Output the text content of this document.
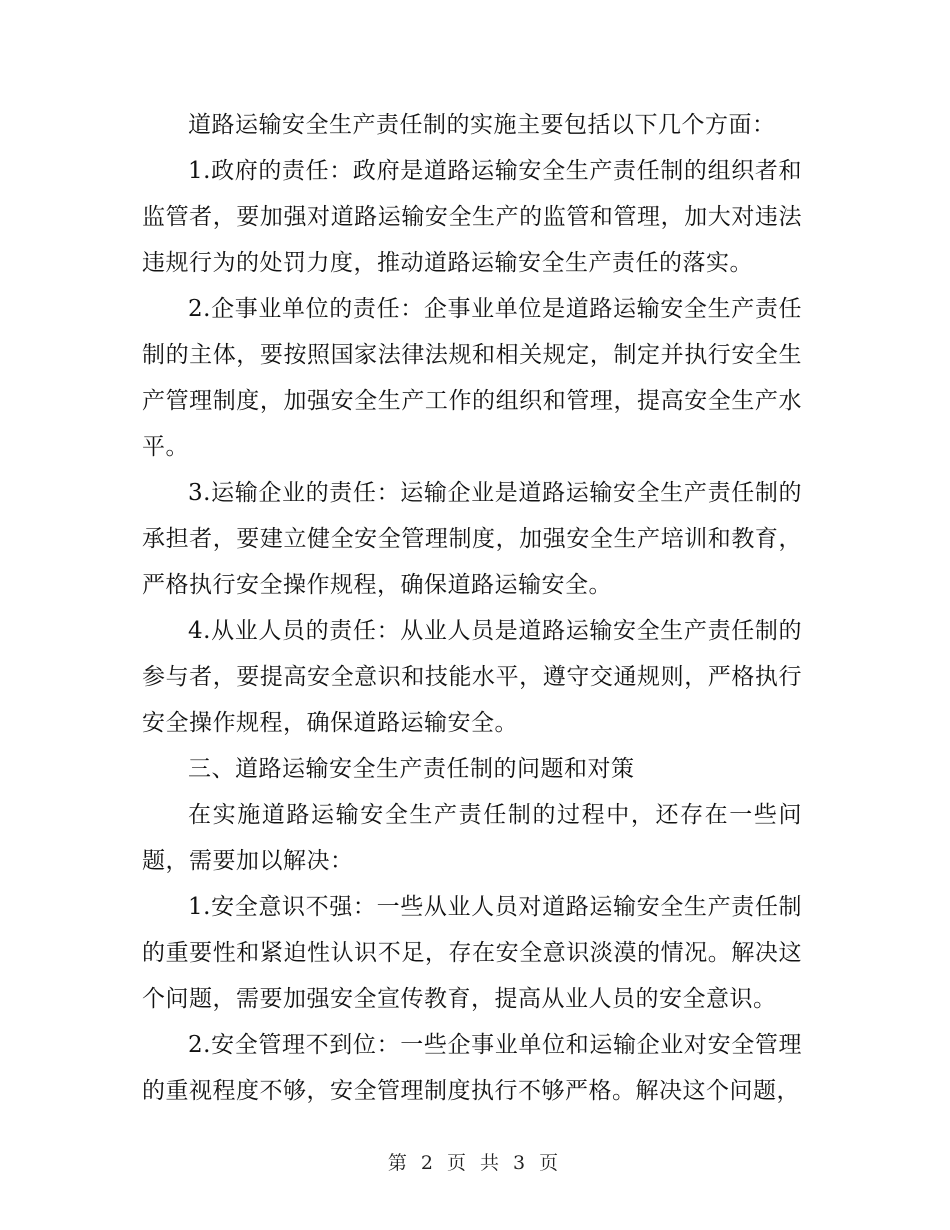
道路运输安全生产责任制的实施主要包括以下几个方面：

1.政府的责任：政府是道路运输安全生产责任制的组织者和监管者，要加强对道路运输安全生产的监管和管理，加大对违法违规行为的处罚力度，推动道路运输安全生产责任的落实。

2.企事业单位的责任：企事业单位是道路运输安全生产责任制的主体，要按照国家法律法规和相关规定，制定并执行安全生产管理制度，加强安全生产工作的组织和管理，提高安全生产水平。

3.运输企业的责任：运输企业是道路运输安全生产责任制的承担者，要建立健全安全管理制度，加强安全生产培训和教育，严格执行安全操作规程，确保道路运输安全。

4.从业人员的责任：从业人员是道路运输安全生产责任制的参与者，要提高安全意识和技能水平，遵守交通规则，严格执行安全操作规程，确保道路运输安全。

三、道路运输安全生产责任制的问题和对策

在实施道路运输安全生产责任制的过程中，还存在一些问题，需要加以解决：

1.安全意识不强：一些从业人员对道路运输安全生产责任制的重要性和紧迫性认识不足，存在安全意识淡漠的情况。解决这个问题，需要加强安全宣传教育，提高从业人员的安全意识。

2.安全管理不到位：一些企事业单位和运输企业对安全管理的重视程度不够，安全管理制度执行不够严格。解决这个问题，

第 2 页 共 3 页
